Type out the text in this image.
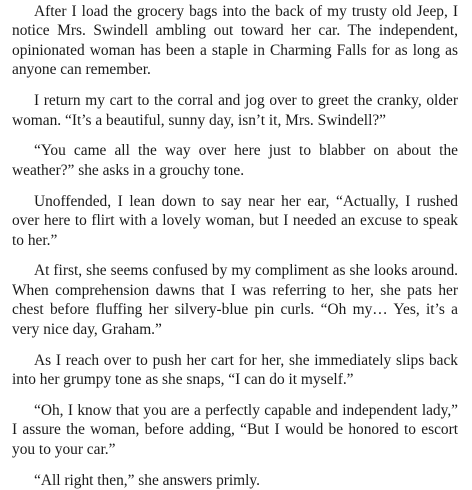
After I load the grocery bags into the back of my trusty old Jeep, I notice Mrs. Swindell ambling out toward her car. The independent, opinionated woman has been a staple in Charming Falls for as long as anyone can remember.

I return my cart to the corral and jog over to greet the cranky, older woman. “It’s a beautiful, sunny day, isn’t it, Mrs. Swindell?”

“You came all the way over here just to blabber on about the weather?” she asks in a grouchy tone.

Unoffended, I lean down to say near her ear, “Actually, I rushed over here to flirt with a lovely woman, but I needed an excuse to speak to her.”

At first, she seems confused by my compliment as she looks around. When comprehension dawns that I was referring to her, she pats her chest before fluffing her silvery-blue pin curls. “Oh my… Yes, it’s a very nice day, Graham.”

As I reach over to push her cart for her, she immediately slips back into her grumpy tone as she snaps, “I can do it myself.”

“Oh, I know that you are a perfectly capable and independent lady,” I assure the woman, before adding, “But I would be honored to escort you to your car.”

“All right then,” she answers primly.
